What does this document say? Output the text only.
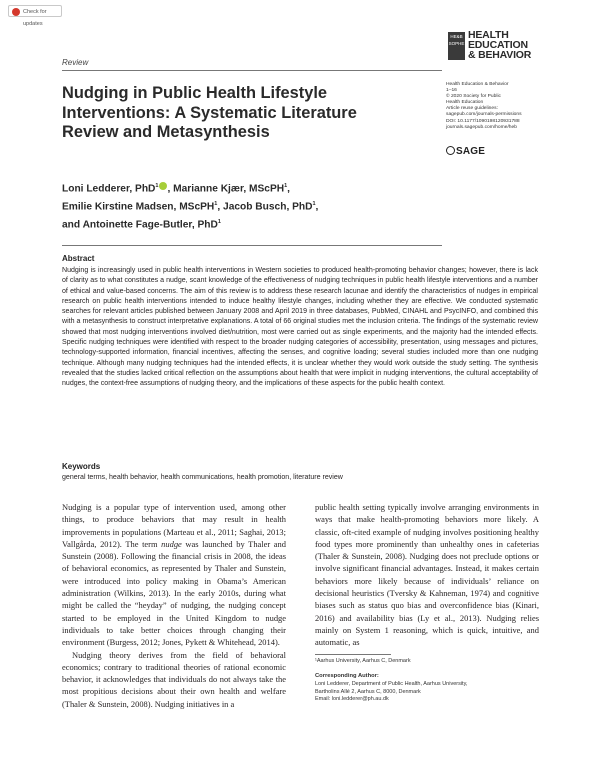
Check for updates
Review
HE&B SOPHE
HEALTH
EDUCATION
& BEHAVIOR
Health Education & Behavior
1–16
© 2020 Society for Public
Health Education
Article reuse guidelines:
sagepub.com/journals-permissions
DOI: 10.1177/1090198120931788
journals.sagepub.com/home/heb
SAGE
Nudging in Public Health Lifestyle
Interventions: A Systematic Literature
Review and Metasynthesis
Loni Ledderer, PhD$^1$ , Marianne Kjær, MScPH$^1$,
Emilie Kirstine Madsen, MScPH$^1$, Jacob Busch, PhD$^1$,
and Antoinette Fage-Butler, PhD$^1$
Abstract
Nudging is increasingly used in public health interventions in Western societies to produced health-promoting behavior changes; however, there is lack of clarity as to what constitutes a nudge, scant knowledge of the effectiveness of nudging techniques in public health lifestyle interventions and a number of ethical and value-based concerns. The aim of this review is to address these research lacunae and identify the characteristics of nudges in empirical research on public health interventions intended to induce healthy lifestyle changes, including whether they are effective. We conducted systematic searches for relevant articles published between January 2008 and April 2019 in three databases, PubMed, CINAHL and PsycINFO, and combined this with a metasynthesis to construct interpretative explanations. A total of 66 original studies met the inclusion criteria. The findings of the systematic review showed that most nudging interventions involved diet/nutrition, most were carried out as single experiments, and the majority had the intended effects. Specific nudging techniques were identified with respect to the broader nudging categories of accessibility, presentation, using messages and pictures, technology-supported information, financial incentives, affecting the senses, and cognitive loading; several studies included more than one nudging technique. Although many nudging techniques had the intended effects, it is unclear whether they would work outside the study setting. The synthesis revealed that the studies lacked critical reflection on the assumptions about health that were implicit in nudging interventions, the cultural acceptability of nudges, the context-free assumptions of nudging theory, and the implications of these aspects for the public health context.
Keywords
general terms, health behavior, health communications, health promotion, literature review

Nudging is a popular type of intervention used, among other things, to produce behaviors that may result in health improvements in populations (Marteau et al., 2011; Saghai, 2013; Vallgårda, 2012). The term nudge was launched by Thaler and Sunstein (2008). Following the financial crisis in 2008, the ideas of behavioral economics, as represented by Thaler and Sunstein, were introduced into policy making in Obama’s American administration (Wilkins, 2013). In the early 2010s, during what might be called the “heyday” of nudging, the nudging concept started to be employed in the United Kingdom to nudge individuals to take better choices through changing their environment (Burgess, 2012; Jones, Pykett & Whitehead, 2014).

Nudging theory derives from the field of behavioral economics; contrary to traditional theories of rational economic behavior, it acknowledges that individuals do not always take the most propitious decisions about their own health and welfare (Thaler & Sunstein, 2008). Nudging initiatives in a

public health setting typically involve arranging environments in ways that make health-promoting behaviors more likely. A classic, oft-cited example of nudging involves positioning healthy food types more prominently than unhealthy ones in cafeterias (Thaler & Sunstein, 2008). Nudging does not preclude options or involve significant financial advantages. Instead, it makes certain behaviors more likely because of individuals’ reliance on decisional heuristics (Tversky & Kahneman, 1974) and cognitive biases such as status quo bias and overconfidence bias (Kinari, 2016) and availability bias (Ly et al., 2013). Nudging relies mainly on System 1 reasoning, which is quick, intuitive, and automatic, as

¹Aarhus University, Aarhus C, Denmark
Corresponding Author:
Loni Ledderer, Department of Public Health, Aarhus University,
Bartholins Allé 2, Aarhus C, 8000, Denmark
Email: loni.ledderer@ph.au.dk
